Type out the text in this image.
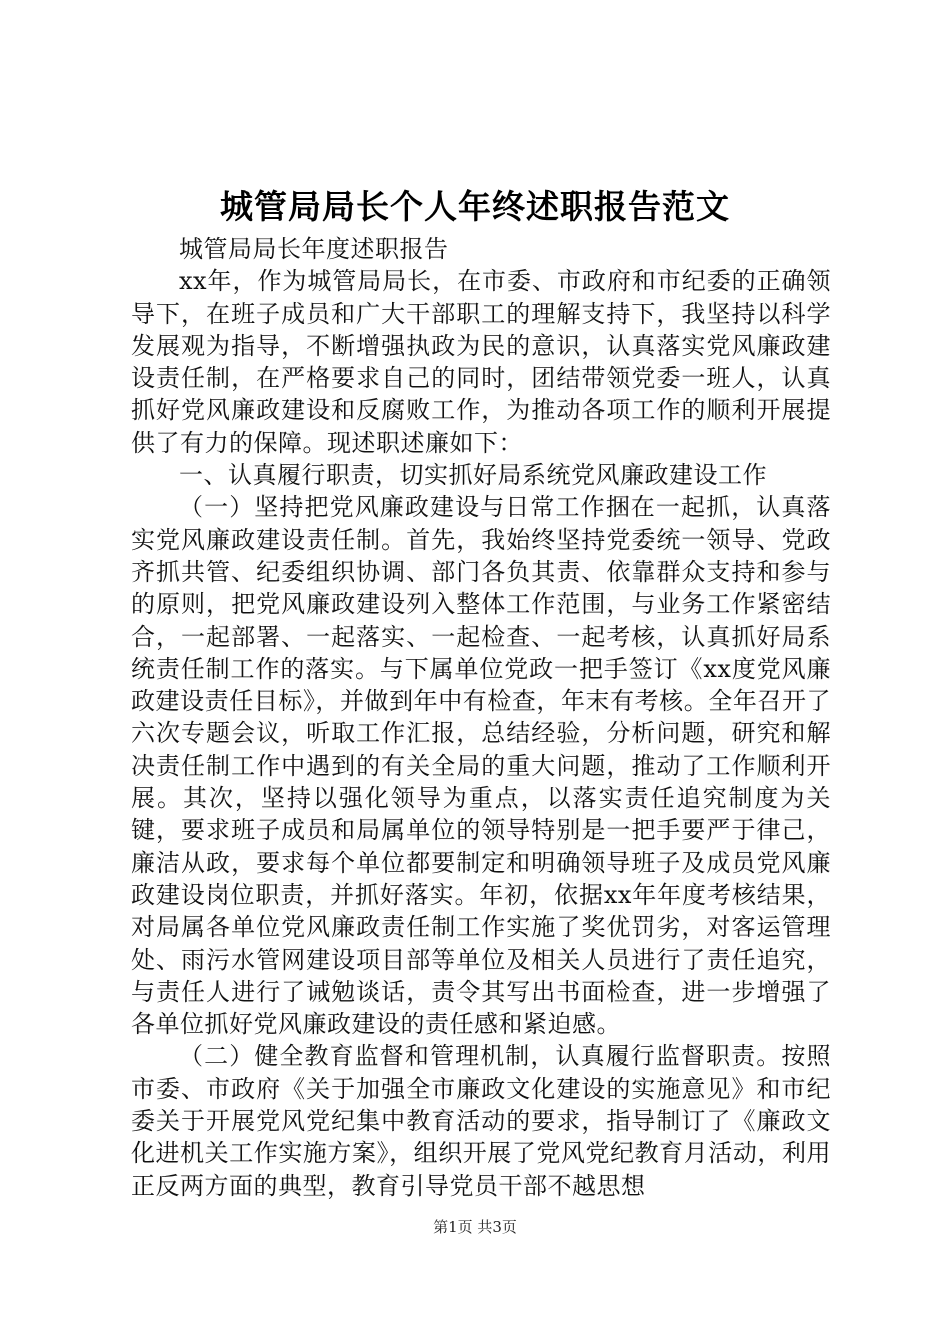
城管局局长个人年终述职报告范文

城管局局长年度述职报告

xx年，作为城管局局长，在市委、市政府和市纪委的正确领导下，在班子成员和广大干部职工的理解支持下，我坚持以科学发展观为指导，不断增强执政为民的意识，认真落实党风廉政建设责任制，在严格要求自己的同时，团结带领党委一班人，认真抓好党风廉政建设和反腐败工作，为推动各项工作的顺利开展提供了有力的保障。现述职述廉如下：

一、认真履行职责，切实抓好局系统党风廉政建设工作

（一）坚持把党风廉政建设与日常工作捆在一起抓，认真落实党风廉政建设责任制。首先，我始终坚持党委统一领导、党政齐抓共管、纪委组织协调、部门各负其责、依靠群众支持和参与的原则，把党风廉政建设列入整体工作范围，与业务工作紧密结合，一起部署、一起落实、一起检查、一起考核，认真抓好局系统责任制工作的落实。与下属单位党政一把手签订《xx度党风廉政建设责任目标》，并做到年中有检查，年末有考核。全年召开了六次专题会议，听取工作汇报，总结经验，分析问题，研究和解决责任制工作中遇到的有关全局的重大问题，推动了工作顺利开展。其次，坚持以强化领导为重点，以落实责任追究制度为关键，要求班子成员和局属单位的领导特别是一把手要严于律己，廉洁从政，要求每个单位都要制定和明确领导班子及成员党风廉政建设岗位职责，并抓好落实。年初，依据xx年年度考核结果，对局属各单位党风廉政责任制工作实施了奖优罚劣，对客运管理处、雨污水管网建设项目部等单位及相关人员进行了责任追究，与责任人进行了诫勉谈话，责令其写出书面检查，进一步增强了各单位抓好党风廉政建设的责任感和紧迫感。

（二）健全教育监督和管理机制，认真履行监督职责。按照市委、市政府《关于加强全市廉政文化建设的实施意见》和市纪委关于开展党风党纪集中教育活动的要求，指导制订了《廉政文化进机关工作实施方案》，组织开展了党风党纪教育月活动，利用正反两方面的典型，教育引导党员干部不越思想

第1页 共3页
